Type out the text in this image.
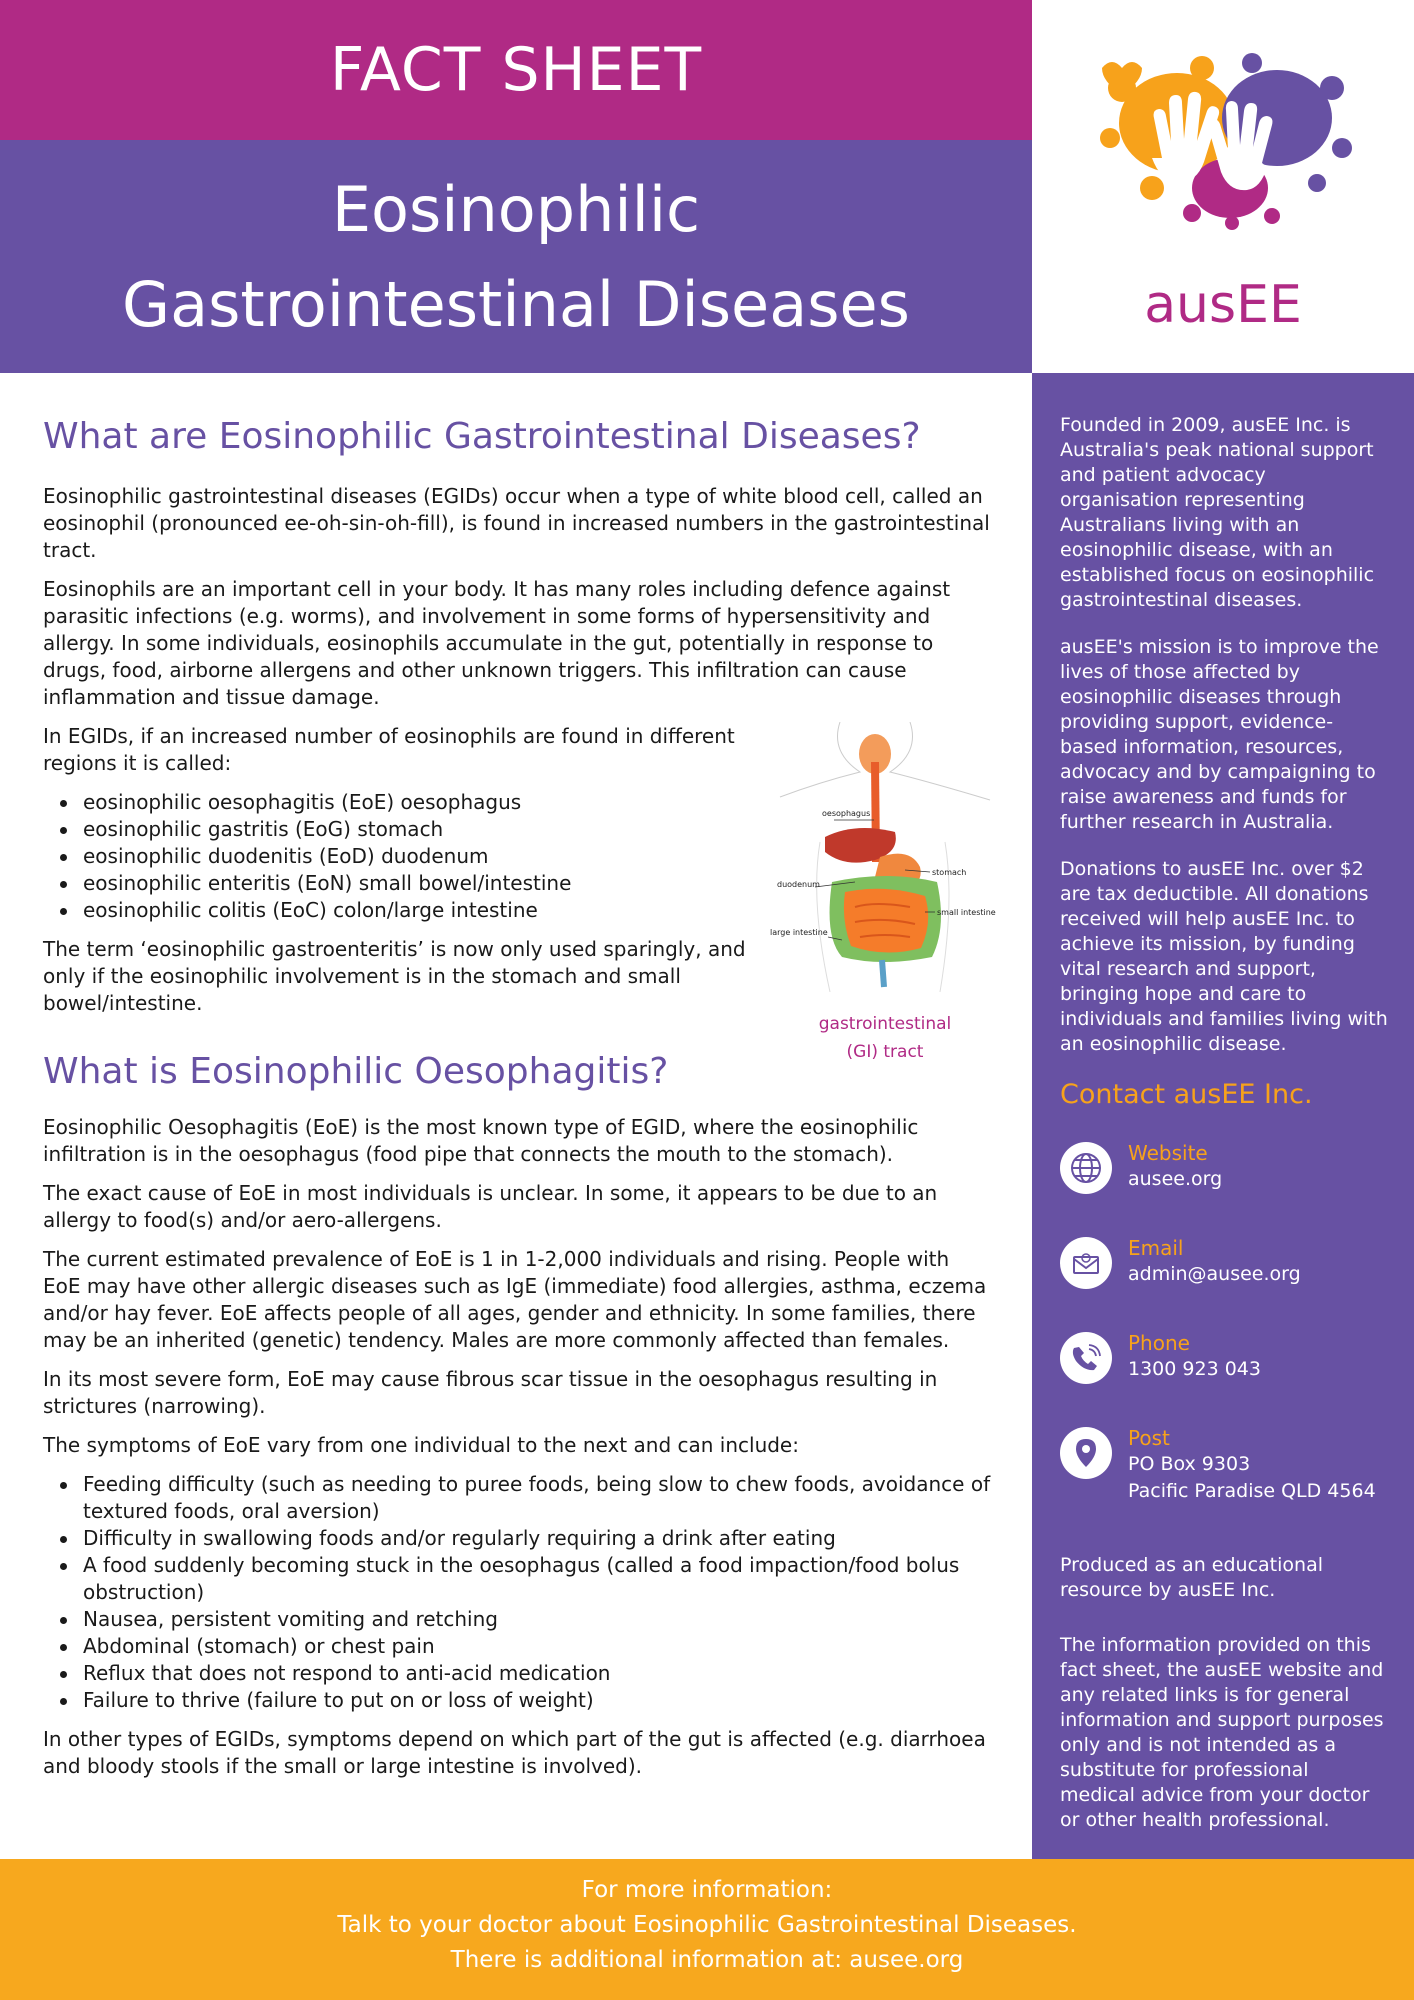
FACT SHEET
Eosinophilic
Gastrointestinal Diseases	ausEE
What are Eosinophilic Gastrointestinal Diseases?

Eosinophilic gastrointestinal diseases (EGIDs) occur when a type of white blood cell, called an eosinophil (pronounced ee-oh-sin-oh-fill), is found in increased numbers in the gastrointestinal tract.

Eosinophils are an important cell in your body. It has many roles including defence against parasitic infections (e.g. worms), and involvement in some forms of hypersensitivity and allergy. In some individuals, eosinophils accumulate in the gut, potentially in response to drugs, food, airborne allergens and other unknown triggers. This infiltration can cause inflammation and tissue damage.

In EGIDs, if an increased number of eosinophils are found in different regions it is called:

eosinophilic oesophagitis (EoE) oesophagus
eosinophilic gastritis (EoG) stomach
eosinophilic duodenitis (EoD) duodenum
eosinophilic enteritis (EoN) small bowel/intestine
eosinophilic colitis (EoC) colon/large intestine

The term ‘eosinophilic gastroenteritis’ is now only used sparingly, and only if the eosinophilic involvement is in the stomach and small bowel/intestine.

What is Eosinophilic Oesophagitis?

Eosinophilic Oesophagitis (EoE) is the most known type of EGID, where the eosinophilic infiltration is in the oesophagus (food pipe that connects the mouth to the stomach).

The exact cause of EoE in most individuals is unclear. In some, it appears to be due to an allergy to food(s) and/or aero-allergens.

The current estimated prevalence of EoE is 1 in 1-2,000 individuals and rising. People with EoE may have other allergic diseases such as IgE (immediate) food allergies, asthma, eczema and/or hay fever. EoE affects people of all ages, gender and ethnicity. In some families, there may be an inherited (genetic) tendency. Males are more commonly affected than females.

In its most severe form, EoE may cause fibrous scar tissue in the oesophagus resulting in strictures (narrowing).

The symptoms of EoE vary from one individual to the next and can include:

Feeding difficulty (such as needing to puree foods, being slow to chew foods, avoidance of textured foods, oral aversion)
Difficulty in swallowing foods and/or regularly requiring a drink after eating
A food suddenly becoming stuck in the oesophagus (called a food impaction/food bolus obstruction)
Nausea, persistent vomiting and retching
Abdominal (stomach) or chest pain
Reflux that does not respond to anti-acid medication
Failure to thrive (failure to put on or loss of weight)

In other types of EGIDs, symptoms depend on which part of the gut is affected (e.g. diarrhoea and bloody stools if the small or large intestine is involved).

oesophagus
stomach
duodenum
small intestine
large intestine
gastrointestinal
(GI) tract

Founded in 2009, ausEE Inc. is Australia's peak national support and patient advocacy organisation representing Australians living with an eosinophilic disease, with an established focus on eosinophilic gastrointestinal diseases.

ausEE's mission is to improve the lives of those affected by eosinophilic diseases through providing support, evidence-based information, resources, advocacy and by campaigning to raise awareness and funds for further research in Australia.

Donations to ausEE Inc. over $2 are tax deductible. All donations received will help ausEE Inc. to achieve its mission, by funding vital research and support, bringing hope and care to individuals and families living with an eosinophilic disease.

Contact ausEE Inc.
Website
ausee.org
Email
admin@ausee.org
Phone
1300 923 043
Post
PO Box 9303
Pacific Paradise QLD 4564

Produced as an educational resource by ausEE Inc.

The information provided on this fact sheet, the ausEE website and any related links is for general information and support purposes only and is not intended as a substitute for professional medical advice from your doctor or other health professional.

For more information:
Talk to your doctor about Eosinophilic Gastrointestinal Diseases.
There is additional information at: ausee.org
